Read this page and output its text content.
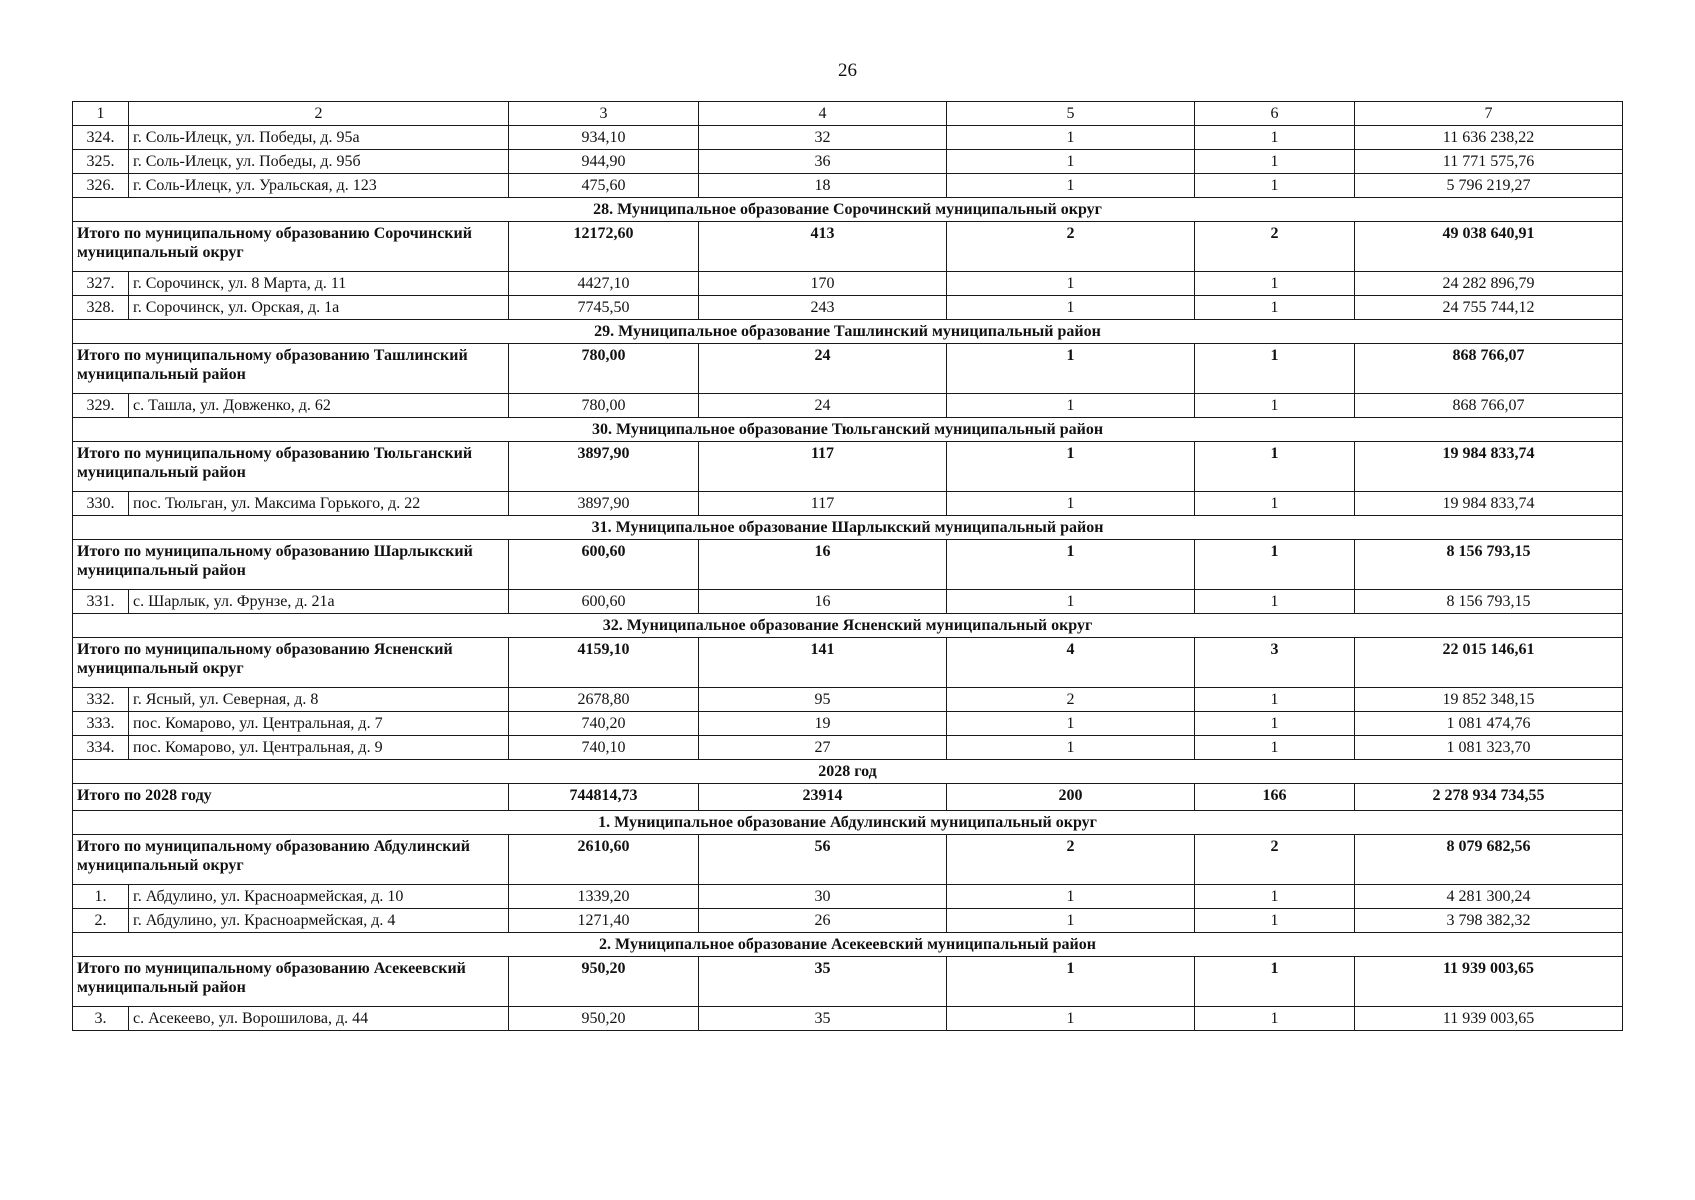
26
1	2	3	4	5	6	7
324.	г. Соль-Илецк, ул. Победы, д. 95а	934,10	32	1	1	11 636 238,22
325.	г. Соль-Илецк, ул. Победы, д. 95б	944,90	36	1	1	11 771 575,76
326.	г. Соль-Илецк, ул. Уральская, д. 123	475,60	18	1	1	5 796 219,27
28. Муниципальное образование Сорочинский муниципальный округ						
Итого по муниципальному образованию Сорочинский муниципальный округ		12172,60	413	2	2	49 038 640,91
327.	г. Сорочинск, ул. 8 Марта, д. 11	4427,10	170	1	1	24 282 896,79
328.	г. Сорочинск, ул. Орская, д. 1а	7745,50	243	1	1	24 755 744,12
29. Муниципальное образование Ташлинский муниципальный район						
Итого по муниципальному образованию Ташлинский муниципальный район		780,00	24	1	1	868 766,07
329.	с. Ташла, ул. Довженко, д. 62	780,00	24	1	1	868 766,07
30. Муниципальное образование Тюльганский муниципальный район						
Итого по муниципальному образованию Тюльганский муниципальный район		3897,90	117	1	1	19 984 833,74
330.	пос. Тюльган, ул. Максима Горького, д. 22	3897,90	117	1	1	19 984 833,74
31. Муниципальное образование Шарлыкский муниципальный район						
Итого по муниципальному образованию Шарлыкский муниципальный район		600,60	16	1	1	8 156 793,15
331.	с. Шарлык, ул. Фрунзе, д. 21а	600,60	16	1	1	8 156 793,15
32. Муниципальное образование Ясненский муниципальный округ						
Итого по муниципальному образованию Ясненский муниципальный округ		4159,10	141	4	3	22 015 146,61
332.	г. Ясный, ул. Северная, д. 8	2678,80	95	2	1	19 852 348,15
333.	пос. Комарово, ул. Центральная, д. 7	740,20	19	1	1	1 081 474,76
334.	пос. Комарово, ул. Центральная, д. 9	740,10	27	1	1	1 081 323,70
2028 год						
Итого по 2028 году		744814,73	23914	200	166	2 278 934 734,55
1. Муниципальное образование Абдулинский муниципальный округ						
Итого по муниципальному образованию Абдулинский муниципальный округ		2610,60	56	2	2	8 079 682,56
1.	г. Абдулино, ул. Красноармейская, д. 10	1339,20	30	1	1	4 281 300,24
2.	г. Абдулино, ул. Красноармейская, д. 4	1271,40	26	1	1	3 798 382,32
2. Муниципальное образование Асекеевский муниципальный район						
Итого по муниципальному образованию Асекеевский муниципальный район		950,20	35	1	1	11 939 003,65
3.	с. Асекеево, ул. Ворошилова, д. 44	950,20	35	1	1	11 939 003,65
